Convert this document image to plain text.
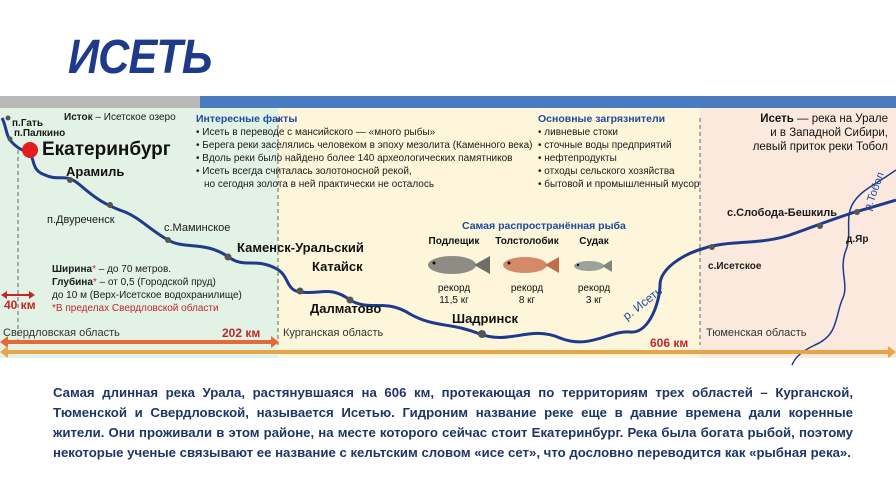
ИСЕТЬ
Исток – Исетское озеро
п.Гать
п.Палкино
Екатеринбург
Арамиль
п.Двуреченск
с.Маминское
Каменск-Уральский
Катайск
Далматово
Шадринск
с.Исетское
с.Слобода-Бешкиль
д.Яр
р. Исеть
р.Тобол
Ширина* – до 70 метров.
Глубина* – от 0,5 (Городской пруд)
до 10 м (Верх-Исетское водохранилище)
*В пределах Свердловской области
Интересные факты
• Исеть в переводе с мансийского — «много рыбы»
• Берега реки заселялись человеком в эпоху мезолита (Каменного века)
• Вдоль реки было найдено более 140 археологических памятников
• Исеть всегда считалась золотоносной рекой,
но сегодня золота в ней практически не осталось
Основные загрязнители
• ливневые стоки
• сточные воды предприятий
• нефтепродукты
• отходы сельского хозяйства
• бытовой и промышленный мусор
Исеть — река на Урале
и в Западной Сибири,
левый приток реки Тобол
Самая распространённая рыба
Подлещик Толстолобик	Судак
рекорд
11,5 кг
рекорд
8 кг
рекорд
3 кг
40 км
202 км
606 км
Свердловская область	Курганская область	Тюменская область
Самая длинная река Урала, растянувшаяся на 606 км, протекающая по территориям трех областей – Курганской, Тюменской и Свердловской, называется Исетью. Гидроним название реке еще в давние времена дали коренные жители. Они проживали в этом районе, на месте которого сейчас стоит Екатеринбург. Река была богата рыбой, поэтому некоторые ученые связывают ее название с кельтским словом «исе сет», что дословно переводится как «рыбная река».
